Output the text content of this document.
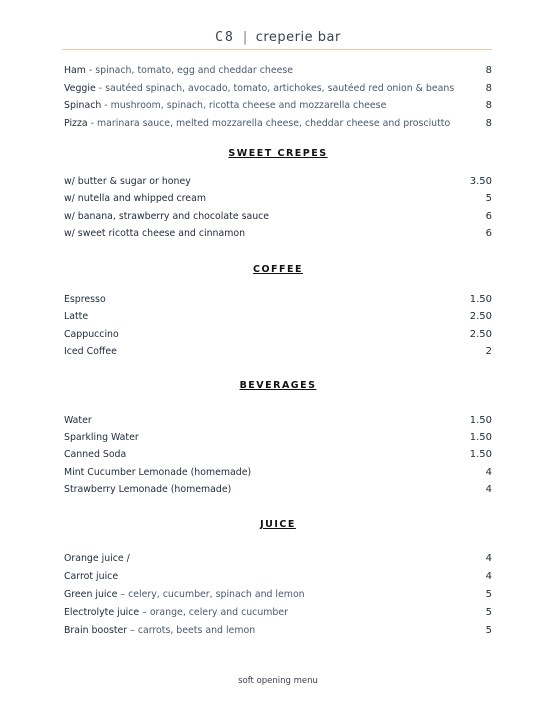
C8 | creperie bar
Ham - spinach, tomato, egg and cheddar cheese	8
Veggie - sautéed spinach, avocado, tomato, artichokes, sautéed red onion & beans	8
Spinach - mushroom, spinach, ricotta cheese and mozzarella cheese	8
Pizza - marinara sauce, melted mozzarella cheese, cheddar cheese and prosciutto	8
SWEET CREPES
w/ butter & sugar or honey	3.50
w/ nutella and whipped cream	5
w/ banana, strawberry and chocolate sauce	6
w/ sweet ricotta cheese and cinnamon	6
COFFEE
Espresso	1.50
Latte	2.50
Cappuccino	2.50
Iced Coffee	2
BEVERAGES
Water	1.50
Sparkling Water	1.50
Canned Soda	1.50
Mint Cucumber Lemonade (homemade)	4
Strawberry Lemonade (homemade)	4
JUICE
Orange juice /	4
Carrot juice	4
Green juice – celery, cucumber, spinach and lemon	5
Electrolyte juice – orange, celery and cucumber	5
Brain booster – carrots, beets and lemon	5
soft opening menu
